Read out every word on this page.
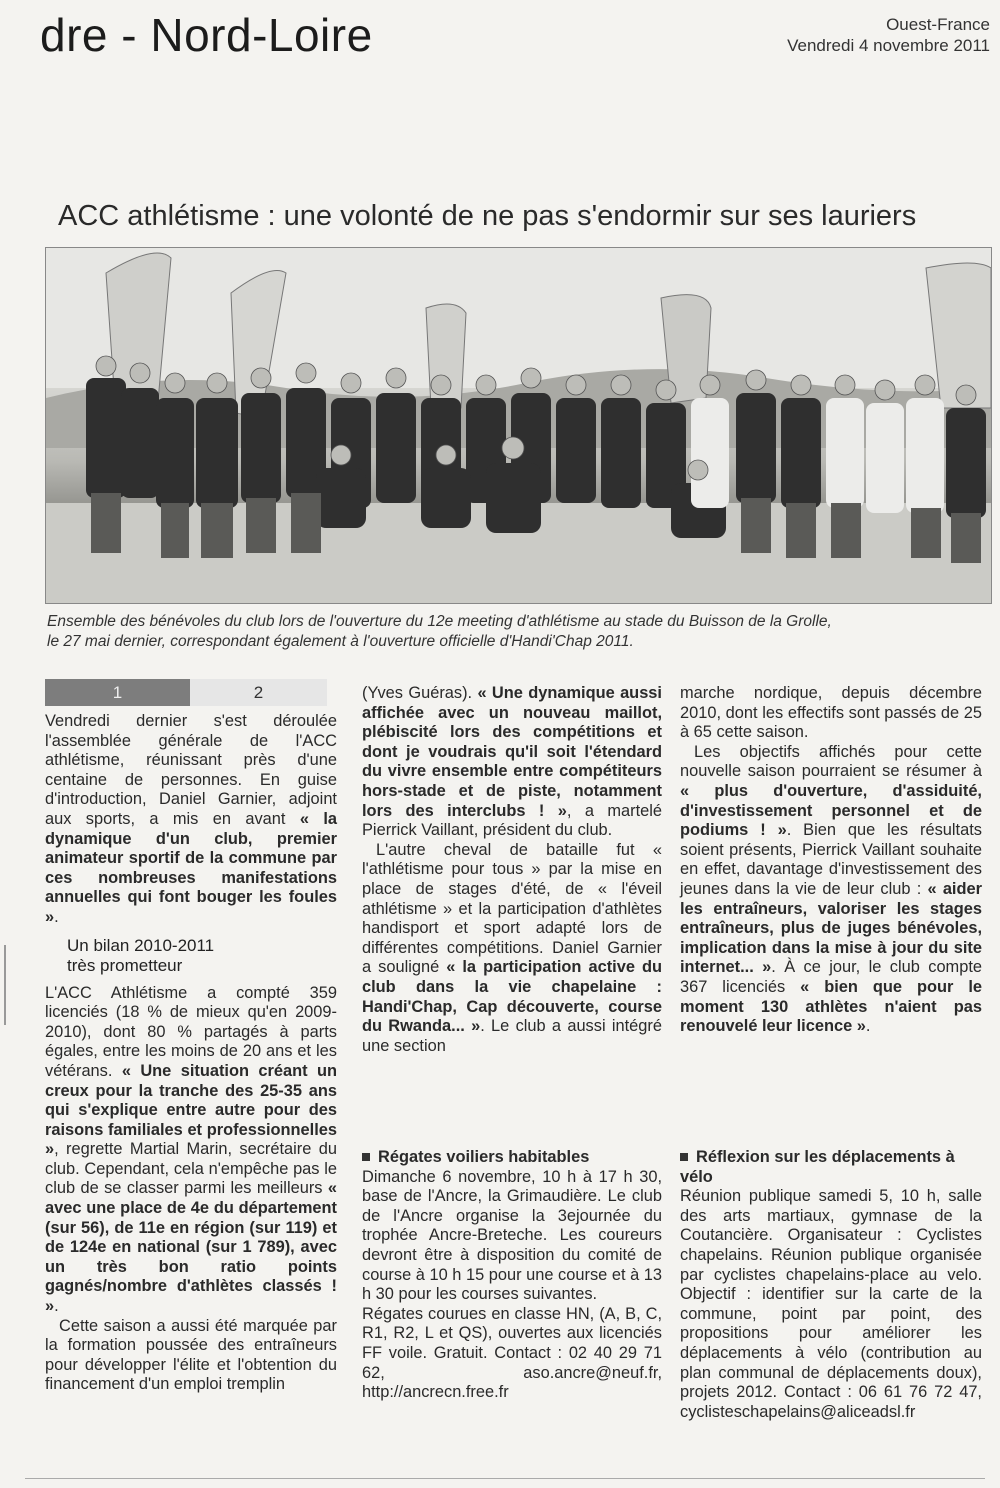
dre - Nord-Loire	Ouest-France
Vendredi 4 novembre 2011
ACC athlétisme : une volonté de ne pas s'endormir sur ses lauriers
Ensemble des bénévoles du club lors de l'ouverture du 12e meeting d'athlétisme au stade du Buisson de la Grolle,
le 27 mai dernier, correspondant également à l'ouverture officielle d'Handi'Chap 2011.
1	2

Vendredi dernier s'est déroulée l'assemblée générale de l'ACC athlétisme, réunissant près d'une centaine de personnes. En guise d'introduction, Daniel Garnier, adjoint aux sports, a mis en avant « la dynamique d'un club, premier animateur sportif de la commune par ces nombreuses manifestations annuelles qui font bouger les foules ».

Un bilan 2010-2011
très prometteur

L'ACC Athlétisme a compté 359 licenciés (18 % de mieux qu'en 2009-2010), dont 80 % partagés à parts égales, entre les moins de 20 ans et les vétérans. « Une situation créant un creux pour la tranche des 25-35 ans qui s'explique entre autre pour des raisons familiales et professionnelles », regrette Martial Marin, secrétaire du club. Cependant, cela n'empêche pas le club de se classer parmi les meilleurs « avec une place de 4e du département (sur 56), de 11e en région (sur 119) et de 124e en national (sur 1 789), avec un très bon ratio points gagnés/nombre d'athlètes classés ! ».

Cette saison a aussi été marquée par la formation poussée des entraîneurs pour développer l'élite et l'obtention du financement d'un emploi tremplin

(Yves Guéras). « Une dynamique aussi affichée avec un nouveau maillot, plébiscité lors des compétitions et dont je voudrais qu'il soit l'étendard du vivre ensemble entre compétiteurs hors-stade et de piste, notamment lors des interclubs ! », a martelé Pierrick Vaillant, président du club.

L'autre cheval de bataille fut « l'athlétisme pour tous » par la mise en place de stages d'été, de « l'éveil athlétisme » et la participation d'athlètes handisport et sport adapté lors de différentes compétitions. Daniel Garnier a souligné « la participation active du club dans la vie chapelaine : Handi'Chap, Cap découverte, course du Rwanda... ». Le club a aussi intégré une section

marche nordique, depuis décembre 2010, dont les effectifs sont passés de 25 à 65 cette saison.

Les objectifs affichés pour cette nouvelle saison pourraient se résumer à « plus d'ouverture, d'assiduité, d'investissement personnel et de podiums ! ». Bien que les résultats soient présents, Pierrick Vaillant souhaite en effet, davantage d'investissement des jeunes dans la vie de leur club : « aider les entraîneurs, valoriser les stages entraîneurs, plus de juges bénévoles, implication dans la mise à jour du site internet... ». À ce jour, le club compte 367 licenciés « bien que pour le moment 130 athlètes n'aient pas renouvelé leur licence ».

Régates voiliers habitables

Dimanche 6 novembre, 10 h à 17 h 30, base de l'Ancre, la Grimaudière. Le club de l'Ancre organise la 3ejournée du trophée Ancre-Breteche. Les coureurs devront être à disposition du comité de course à 10 h 15 pour une course et à 13 h 30 pour les courses suivantes.

Régates courues en classe HN, (A, B, C, R1, R2, L et QS), ouvertes aux licenciés FF voile. Gratuit. Contact : 02 40 29 71 62, aso.ancre@neuf.fr, http://ancrecn.free.fr

Réflexion sur les déplacements à vélo

Réunion publique samedi 5, 10 h, salle des arts martiaux, gymnase de la Coutancière. Organisateur : Cyclistes chapelains. Réunion publique organisée par cyclistes chapelains-place au velo. Objectif : identifier sur la carte de la commune, point par point, des propositions pour améliorer les déplacements à vélo (contribution au plan communal de déplacements doux), projets 2012. Contact : 06 61 76 72 47, cyclisteschapelains@aliceadsl.fr
